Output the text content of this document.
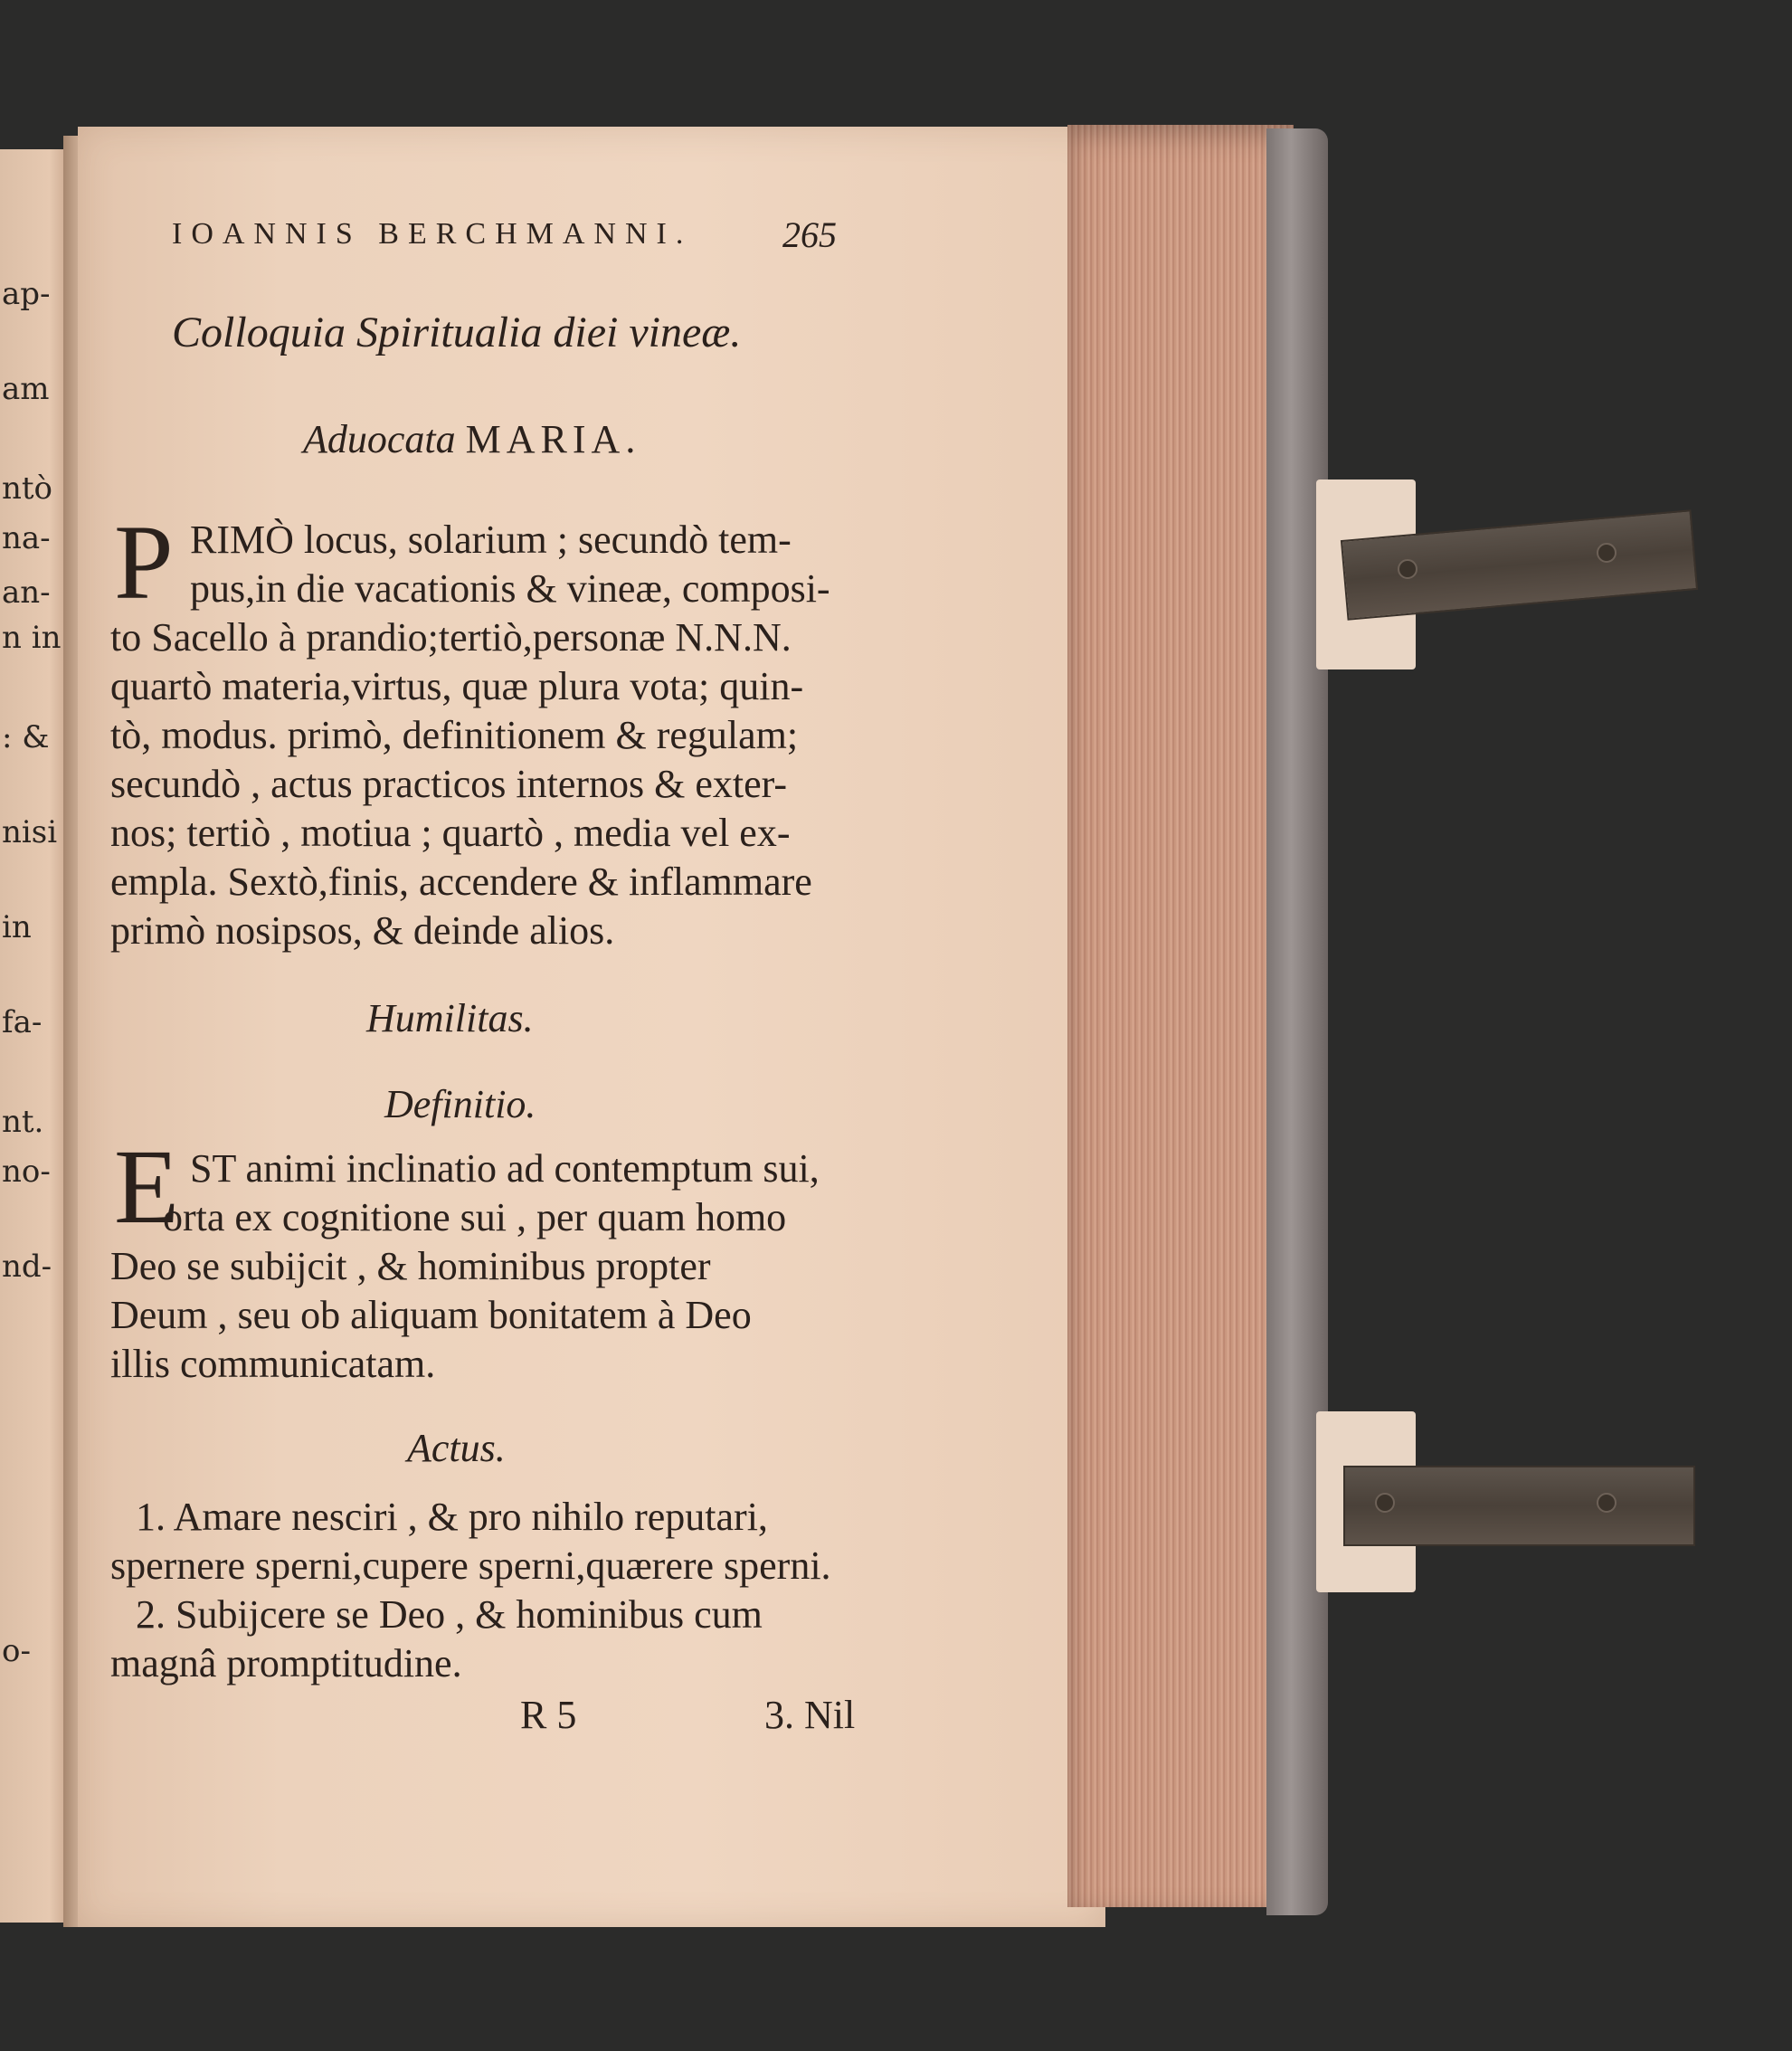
ap-
am
ntò
na-
an-
n in
: &
nisi
in
fa-
nt.
no-
nd-
o-
IOANNIS BERCHMANNI. 265
Colloquia Spiritualia diei vineæ.
Aduocata MARIA.
P RIMÒ locus, solarium ; secundò tem-
pus,in die vacationis & vineæ, composi-
to Sacello à prandio;tertiò,personæ N.N.N.
quartò materia,virtus, quæ plura vota; quin-
tò, modus. primò, definitionem & regulam;
secundò , actus practicos internos & exter-
nos; tertiò , motiua ; quartò , media vel ex-
empla. Sextò,finis, accendere & inflammare
primò nosipsos, & deinde alios.
Humilitas.
Definitio.
E ST animi inclinatio ad contemptum sui,
orta ex cognitione sui , per quam homo
Deo se subijcit , & hominibus propter
Deum , seu ob aliquam bonitatem à Deo
illis communicatam.
Actus.
1. Amare nesciri , & pro nihilo reputari,
spernere sperni,cupere sperni,quærere sperni.
2. Subijcere se Deo , & hominibus cum
magnâ promptitudine.
R 5	3. Nil
